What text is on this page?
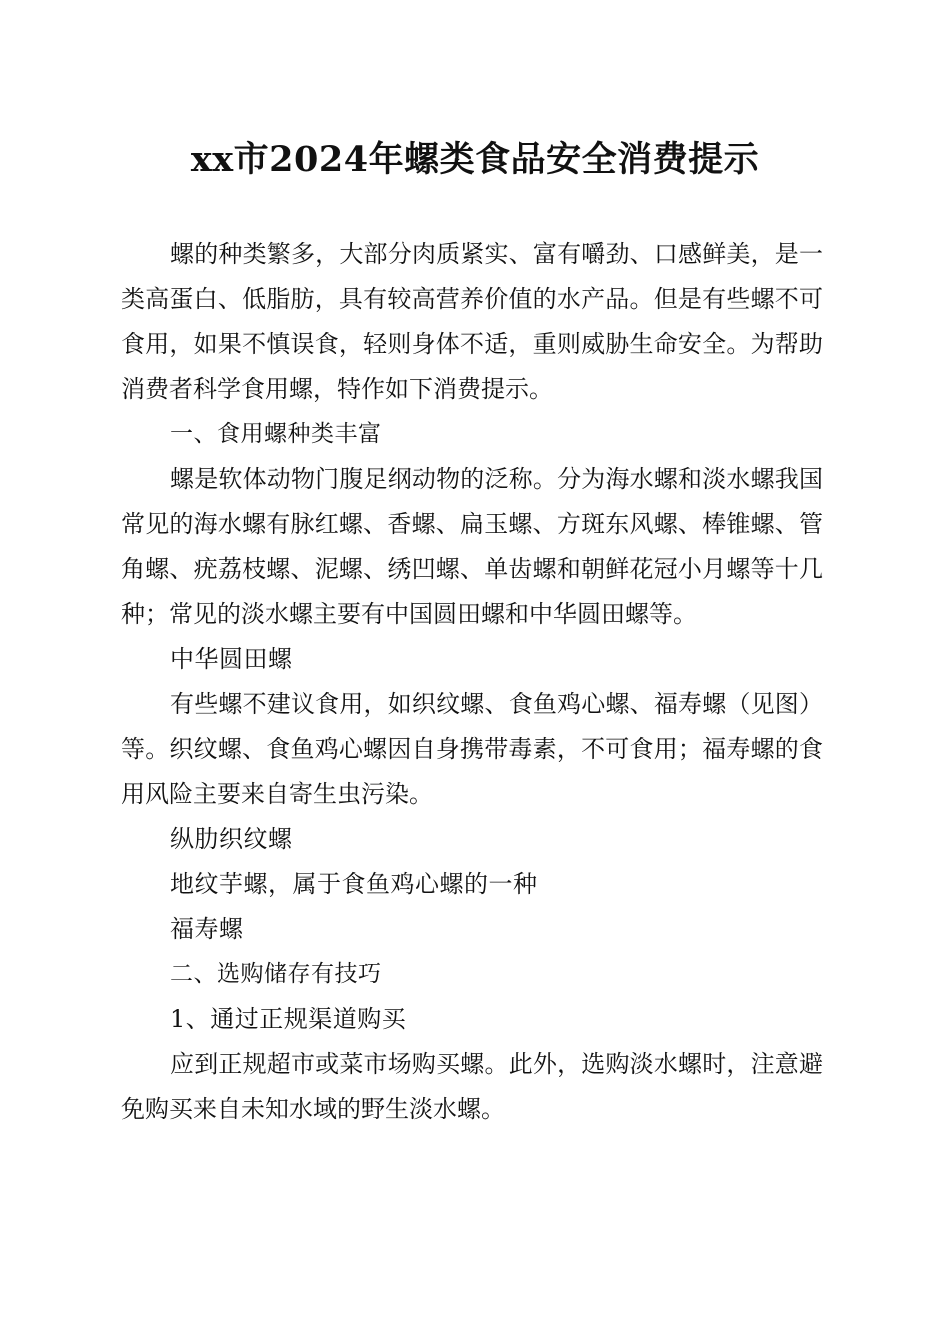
xx市2024年螺类食品安全消费提示

螺的种类繁多，大部分肉质紧实、富有嚼劲、口感鲜美，是一类高蛋白、低脂肪，具有较高营养价值的水产品。但是有些螺不可食用，如果不慎误食，轻则身体不适，重则威胁生命安全。为帮助消费者科学食用螺，特作如下消费提示。

一、食用螺种类丰富

螺是软体动物门腹足纲动物的泛称。分为海水螺和淡水螺我国常见的海水螺有脉红螺、香螺、扁玉螺、方斑东风螺、棒锥螺、管角螺、疣荔枝螺、泥螺、绣凹螺、单齿螺和朝鲜花冠小月螺等十几种；常见的淡水螺主要有中国圆田螺和中华圆田螺等。

中华圆田螺

有些螺不建议食用，如织纹螺、食鱼鸡心螺、福寿螺（见图）等。织纹螺、食鱼鸡心螺因自身携带毒素，不可食用；福寿螺的食用风险主要来自寄生虫污染。

纵肋织纹螺

地纹芋螺，属于食鱼鸡心螺的一种

福寿螺

二、选购储存有技巧

1、通过正规渠道购买

应到正规超市或菜市场购买螺。此外，选购淡水螺时，注意避免购买来自未知水域的野生淡水螺。
